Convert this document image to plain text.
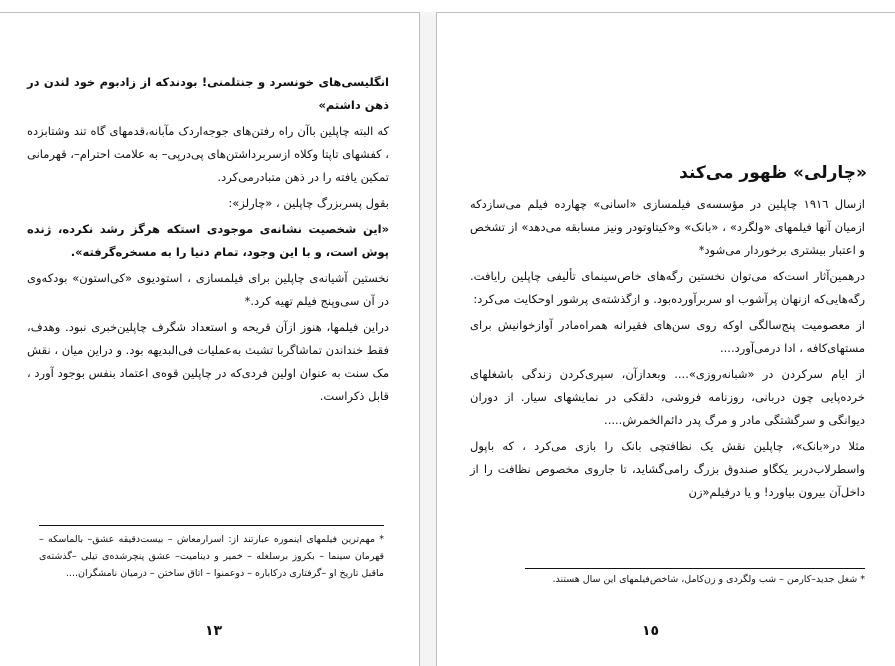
انگلیسی‌های خونسرد و جنتلمنی! بودندکه از زادبوم خود لندن در ذهن داشتم»

که البته چاپلین باآن راه رفتن‌های جوجه‌اردک مآبانه،قدمهای گاه تند وشتابزده ، کفشهای تاپتا وکلاه ازسربرداشتن‌های پی‌درپی– به علامت احترام–، قهرمانی تمکین یافته را در ذهن متبادرمی‌کرد.

بقول پسربزرگ چاپلین ، «چارلز»:

«این شخصیت نشانه‌ی موجودی استکه هرگز رشد نکرده، ژنده پوش است، و با این وجود، تمام دنیا را به مسخره‌گرفته».

نخستین آشیانه‌ی چاپلین برای فیلمسازی ، استودیوی «کی‌استون» بودکه‌وی در آن سی‌وپنج فیلم تهیه کرد.*

دراین فیلمها، هنوز ازآن قریحه و استعداد شگرف چاپلین‌خبری نبود. وهدف، فقط خنداندن تماشاگربا تشبث به‌عملیات فی‌البدیهه بود. و دراین میان ، نقش مک سنت به عنوان اولین فردی‌که در چاپلین قوه‌ی اعتماد بنفس بوجود آورد ، قابل ذکراست.

* مهم‌ترین فیلمهای اینموره عبارتند از: اسرارمعاش – بیست‌دقیقه عشق– بالماسکه – قهرمان سینما – بکروز برسلغله – خمیر و دینامیت– عشق پنچرشده‌ی تیلی –گذشته‌ی ماقبل تاریخ او –گرفتاری درکاباره – دوعمنوا – اتاق ساختن – درمیان نامشگران....
١٣
«چارلی» ظهور می‌کند

ازسال ١٩١٦ چاپلین در مؤسسه‌ی فیلمسازی «اسانی» چهارده فیلم می‌سازدکه ازمیان آنها فیلمهای «ولگرد» ، «بانک» و«کیتاوتودر ونیز مسابقه می‌دهد» از تشخص و اعتبار بیشتری برخوردار می‌شود*

درهمین‌آثار است‌که می‌توان نخستین رگه‌های خاص‌سینمای تألیفی چاپلین رایافت. رگه‌هایی‌که ازنهان پرآشوب او سربرآورده‌بود. و ازگذشته‌ی پرشور او‌حکایت می‌کرد:

از معصومیت پنج‌سالگی او‌که روی سن‌های فقیرانه همراه‌مادر آوازخوانیش برای مستهای‌کافه ، ادا درمی‌آورد....

از ایام سرکردن در «شبانه‌روزی».... وبعدازآن، سپری‌کردن زندگی باشغلهای خرده‌پایی چون دربانی، روزنامه فروشی، دلقکی در نمایشهای سیار. از دوران دیوانگی و سرگشتگی مادر و مرگ پدر دائم‌الخمرش.....

مثلا در«بانک»، چاپلین نقش یک نظافتچی بانک را بازی می‌کرد ، که باپول واسطرلاب‌دربر یکگاو صندوق بزرگ رامی‌گشاید، تا جاروی مخصوص نظافت را از داخل‌آن بیرون بیاورد! و یا درفیلم«زن

* شغل جدید–کارمن – شب ولگردی و زن‌کامل، شاخص‌فیلمهای این سال هستند.
١٥
